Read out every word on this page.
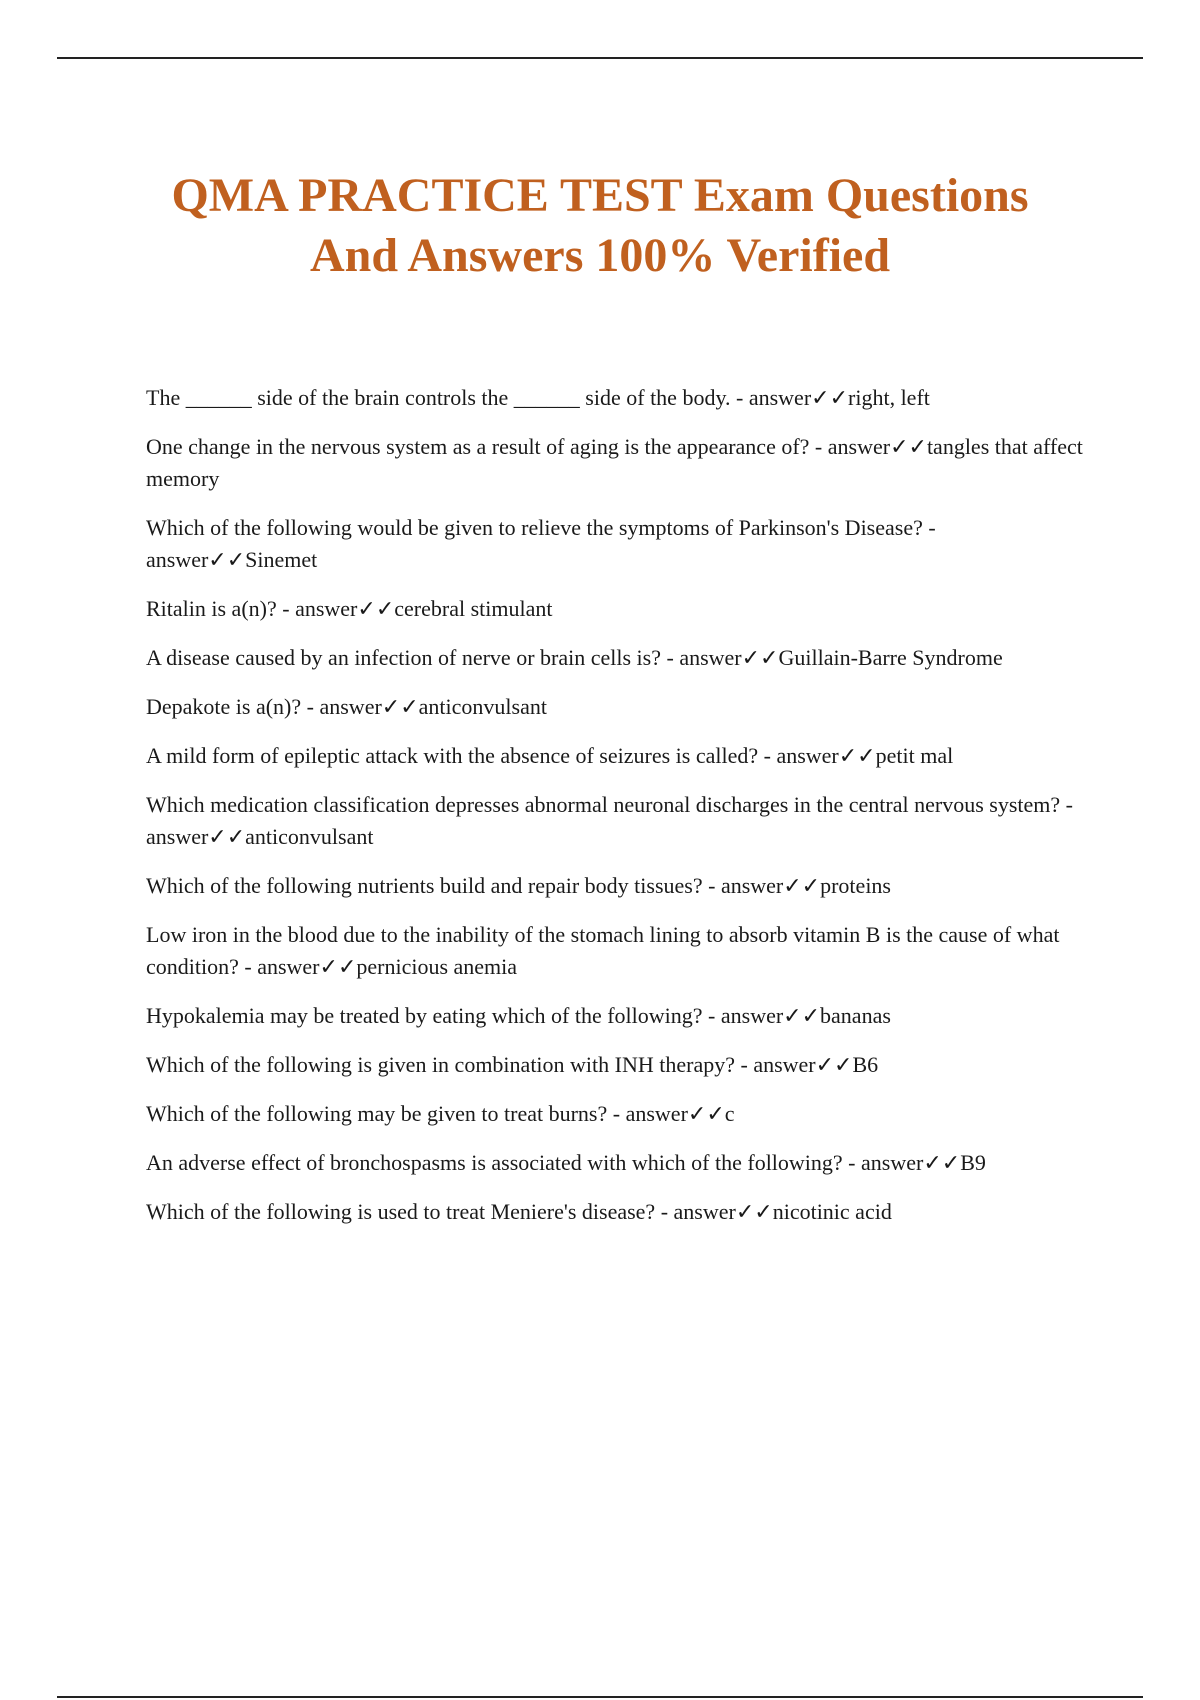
QMA PRACTICE TEST Exam Questions
And Answers 100% Verified
The ______ side of the brain controls the ______ side of the body. - answer✓✓right, left
One change in the nervous system as a result of aging is the appearance of? - answer✓✓tangles that affect memory
Which of the following would be given to relieve the symptoms of Parkinson's Disease? - answer✓✓Sinemet
Ritalin is a(n)? - answer✓✓cerebral stimulant
A disease caused by an infection of nerve or brain cells is? - answer✓✓Guillain-Barre Syndrome
Depakote is a(n)? - answer✓✓anticonvulsant
A mild form of epileptic attack with the absence of seizures is called? - answer✓✓petit mal
Which medication classification depresses abnormal neuronal discharges in the central nervous system? - answer✓✓anticonvulsant
Which of the following nutrients build and repair body tissues? - answer✓✓proteins
Low iron in the blood due to the inability of the stomach lining to absorb vitamin B is the cause of what condition? - answer✓✓pernicious anemia
Hypokalemia may be treated by eating which of the following? - answer✓✓bananas
Which of the following is given in combination with INH therapy? - answer✓✓B6
Which of the following may be given to treat burns? - answer✓✓c
An adverse effect of bronchospasms is associated with which of the following? - answer✓✓B9
Which of the following is used to treat Meniere's disease? - answer✓✓nicotinic acid
